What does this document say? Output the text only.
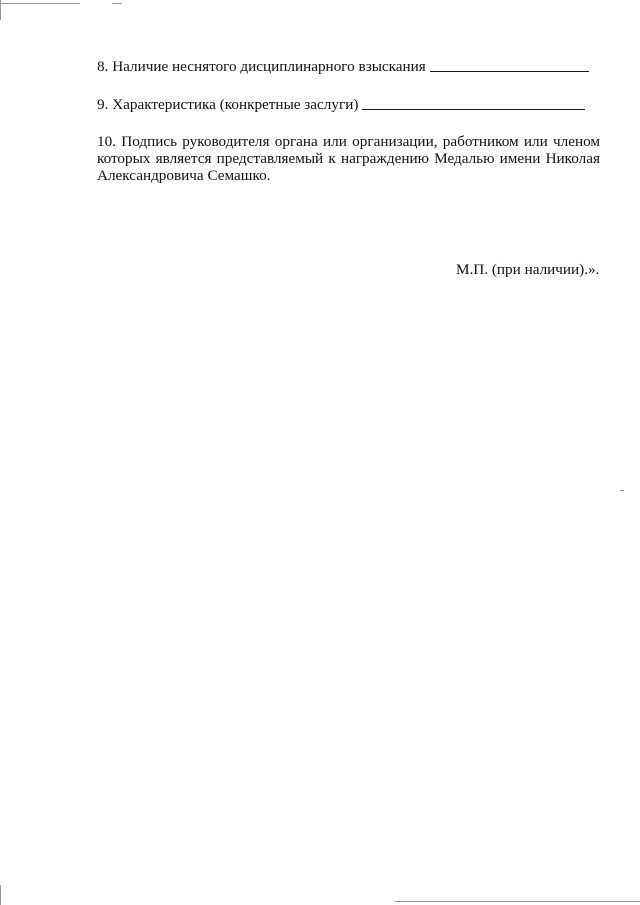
8. Наличие неснятого дисциплинарного взыскания
9. Характеристика (конкретные заслуги)

10. Подпись руководителя органа или организации, работником или членом которых является представляемый к награждению Медалью имени Николая Александровича Семашко.

М.П. (при наличии).».
